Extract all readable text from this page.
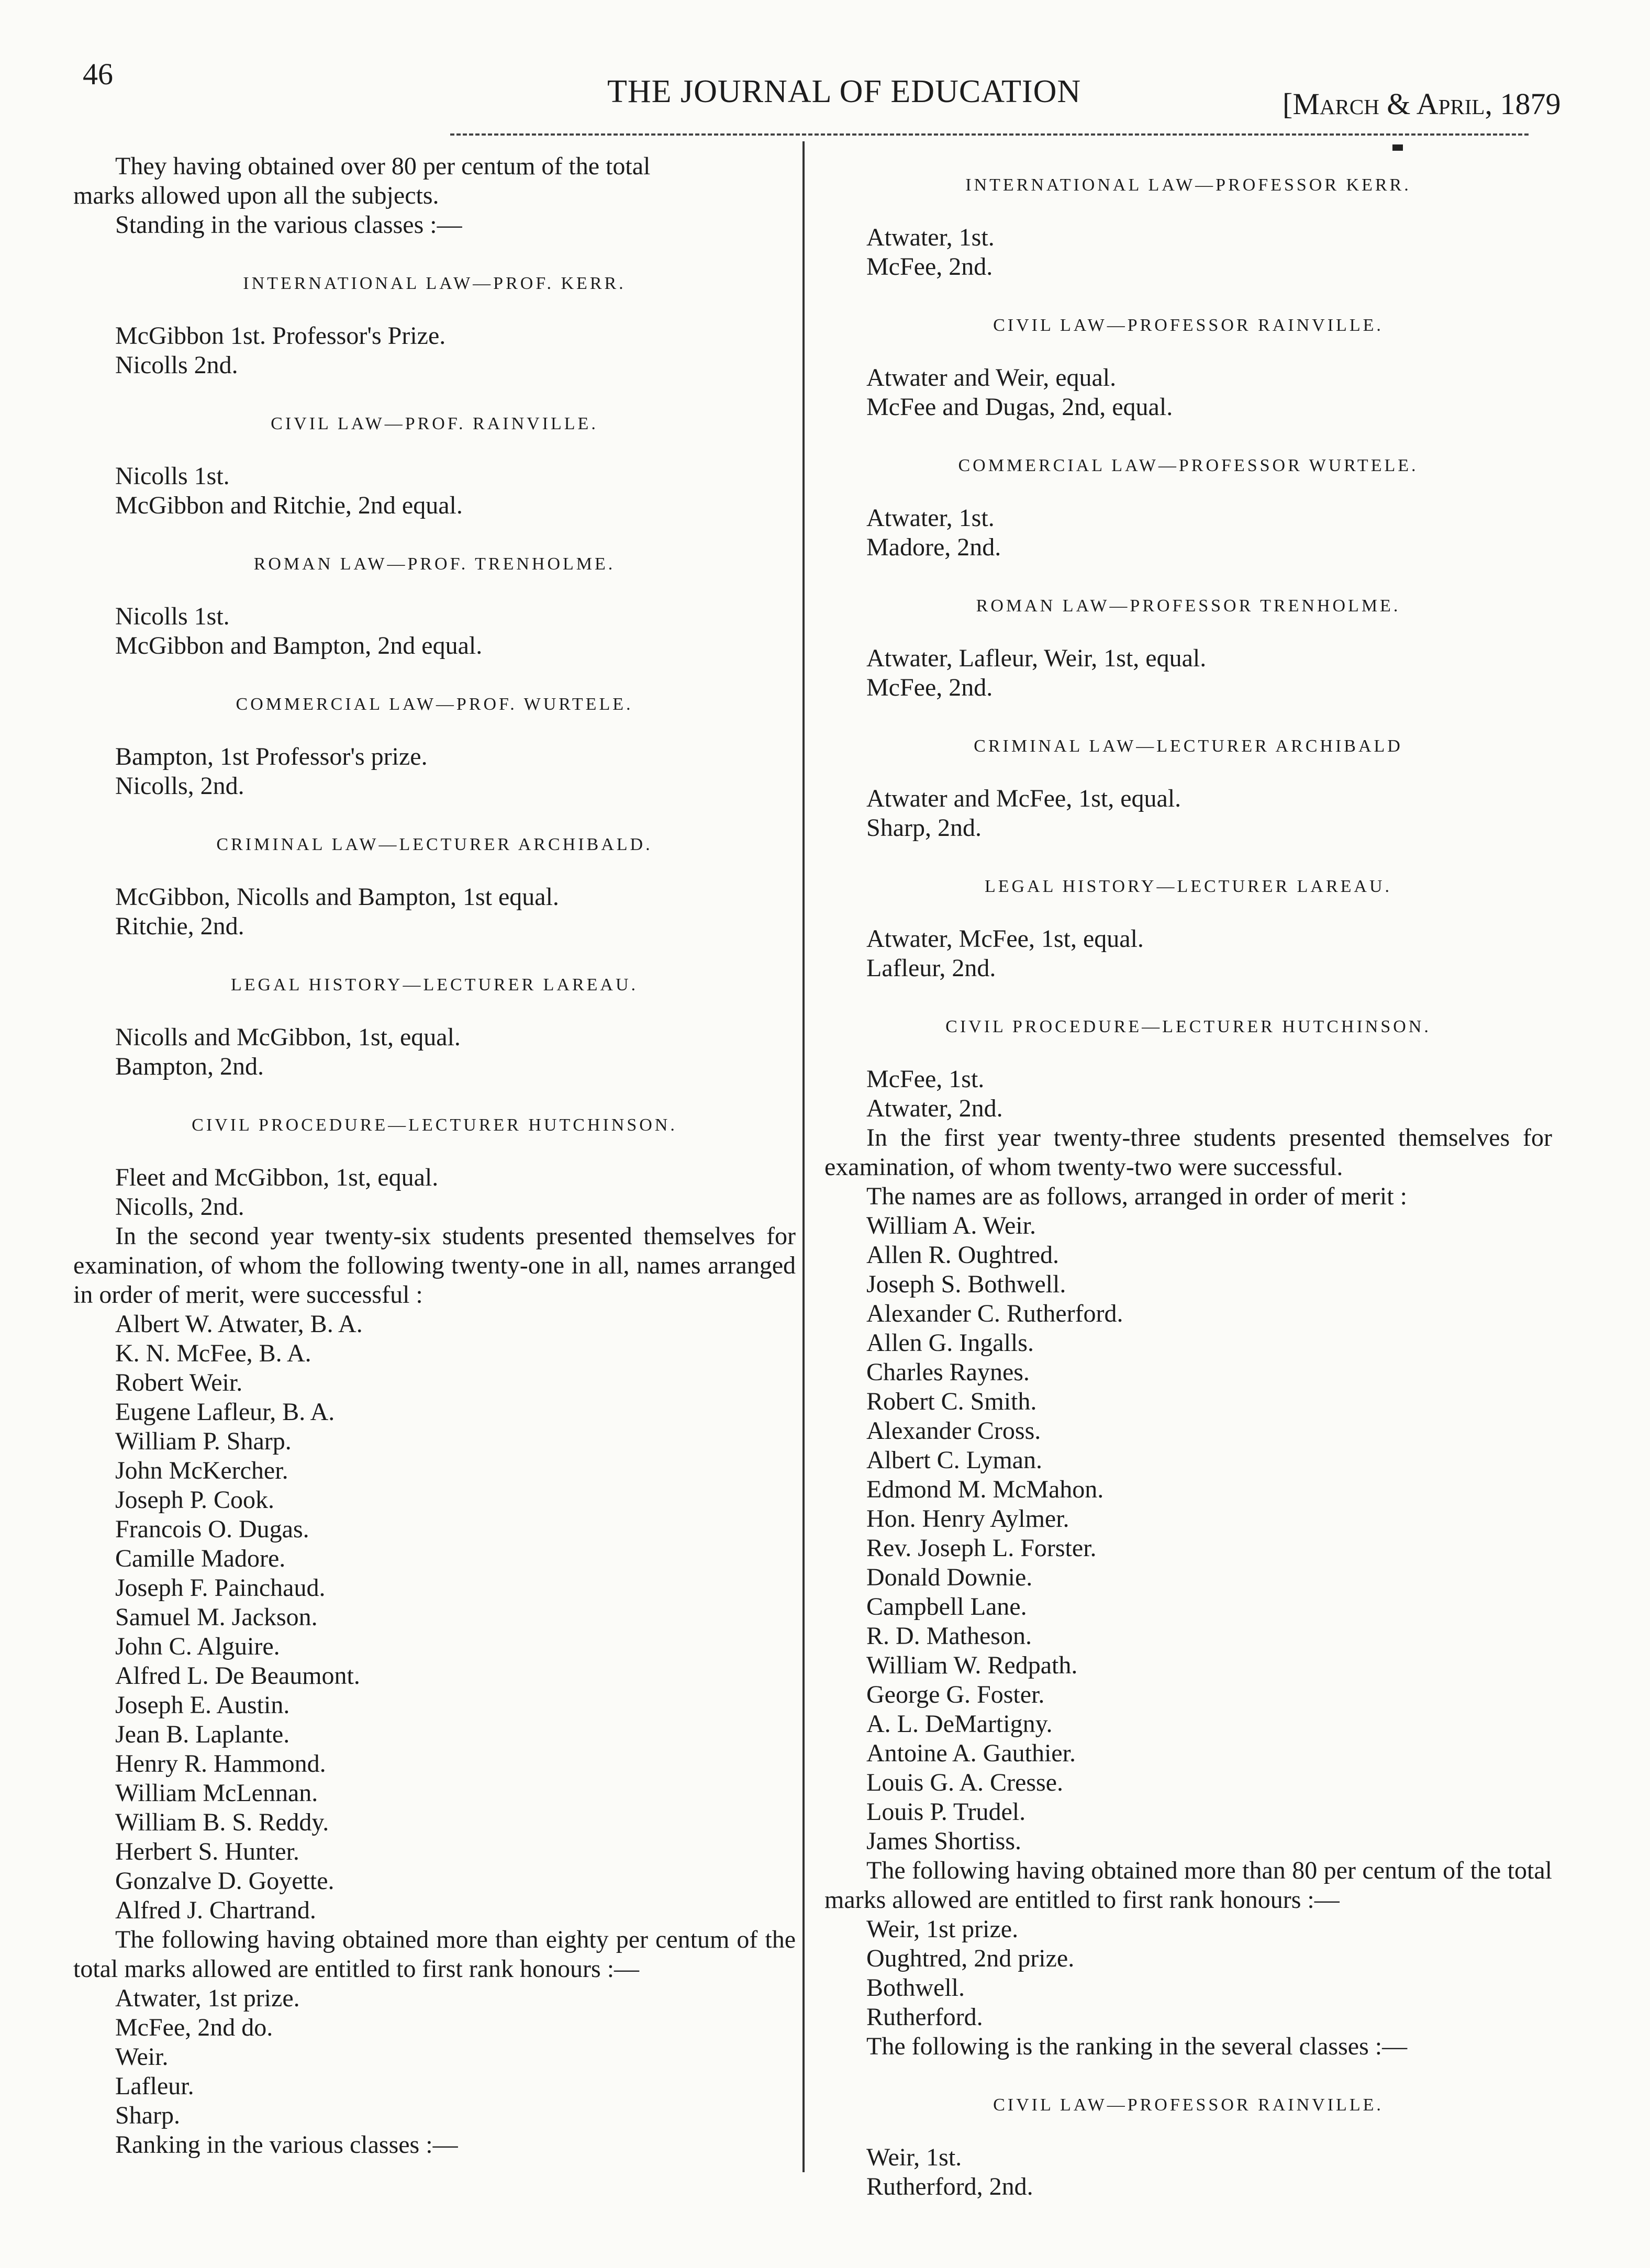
46	THE JOURNAL OF EDUCATION	[March & April, 1879
They having obtained over 80 per centum of the total
marks allowed upon all the subjects.
Standing in the various classes :—
INTERNATIONAL LAW—PROF. KERR.
McGibbon 1st. Professor's Prize.
Nicolls 2nd.
CIVIL LAW—PROF. RAINVILLE.
Nicolls 1st.
McGibbon and Ritchie, 2nd equal.
ROMAN LAW—PROF. TRENHOLME.
Nicolls 1st.
McGibbon and Bampton, 2nd equal.
COMMERCIAL LAW—PROF. WURTELE.
Bampton, 1st Professor's prize.
Nicolls, 2nd.
CRIMINAL LAW—LECTURER ARCHIBALD.
McGibbon, Nicolls and Bampton, 1st equal.
Ritchie, 2nd.
LEGAL HISTORY—LECTURER LAREAU.
Nicolls and McGibbon, 1st, equal.
Bampton, 2nd.
CIVIL PROCEDURE—LECTURER HUTCHINSON.
Fleet and McGibbon, 1st, equal.
Nicolls, 2nd.
In the second year twenty-six students presented themselves for examination, of whom the following twenty-one in all, names arranged in order of merit, were successful :
Albert W. Atwater, B. A.
K. N. McFee, B. A.
Robert Weir.
Eugene Lafleur, B. A.
William P. Sharp.
John McKercher.
Joseph P. Cook.
Francois O. Dugas.
Camille Madore.
Joseph F. Painchaud.
Samuel M. Jackson.
John C. Alguire.
Alfred L. De Beaumont.
Joseph E. Austin.
Jean B. Laplante.
Henry R. Hammond.
William McLennan.
William B. S. Reddy.
Herbert S. Hunter.
Gonzalve D. Goyette.
Alfred J. Chartrand.
The following having obtained more than eighty per centum of the total marks allowed are entitled to first rank honours :—
Atwater, 1st prize.
McFee, 2nd do.
Weir.
Lafleur.
Sharp.
Ranking in the various classes :—
INTERNATIONAL LAW—PROFESSOR KERR.
Atwater, 1st.
McFee, 2nd.
CIVIL LAW—PROFESSOR RAINVILLE.
Atwater and Weir, equal.
McFee and Dugas, 2nd, equal.
COMMERCIAL LAW—PROFESSOR WURTELE.
Atwater, 1st.
Madore, 2nd.
ROMAN LAW—PROFESSOR TRENHOLME.
Atwater, Lafleur, Weir, 1st, equal.
McFee, 2nd.
CRIMINAL LAW—LECTURER ARCHIBALD
Atwater and McFee, 1st, equal.
Sharp, 2nd.
LEGAL HISTORY—LECTURER LAREAU.
Atwater, McFee, 1st, equal.
Lafleur, 2nd.
CIVIL PROCEDURE—LECTURER HUTCHINSON.
McFee, 1st.
Atwater, 2nd.
In the first year twenty-three students presented themselves for examination, of whom twenty-two were successful.
The names are as follows, arranged in order of merit :
William A. Weir.
Allen R. Oughtred.
Joseph S. Bothwell.
Alexander C. Rutherford.
Allen G. Ingalls.
Charles Raynes.
Robert C. Smith.
Alexander Cross.
Albert C. Lyman.
Edmond M. McMahon.
Hon. Henry Aylmer.
Rev. Joseph L. Forster.
Donald Downie.
Campbell Lane.
R. D. Matheson.
William W. Redpath.
George G. Foster.
A. L. DeMartigny.
Antoine A. Gauthier.
Louis G. A. Cresse.
Louis P. Trudel.
James Shortiss.
The following having obtained more than 80 per centum of the total marks allowed are entitled to first rank honours :—
Weir, 1st prize.
Oughtred, 2nd prize.
Bothwell.
Rutherford.
The following is the ranking in the several classes :—
CIVIL LAW—PROFESSOR RAINVILLE.
Weir, 1st.
Rutherford, 2nd.
